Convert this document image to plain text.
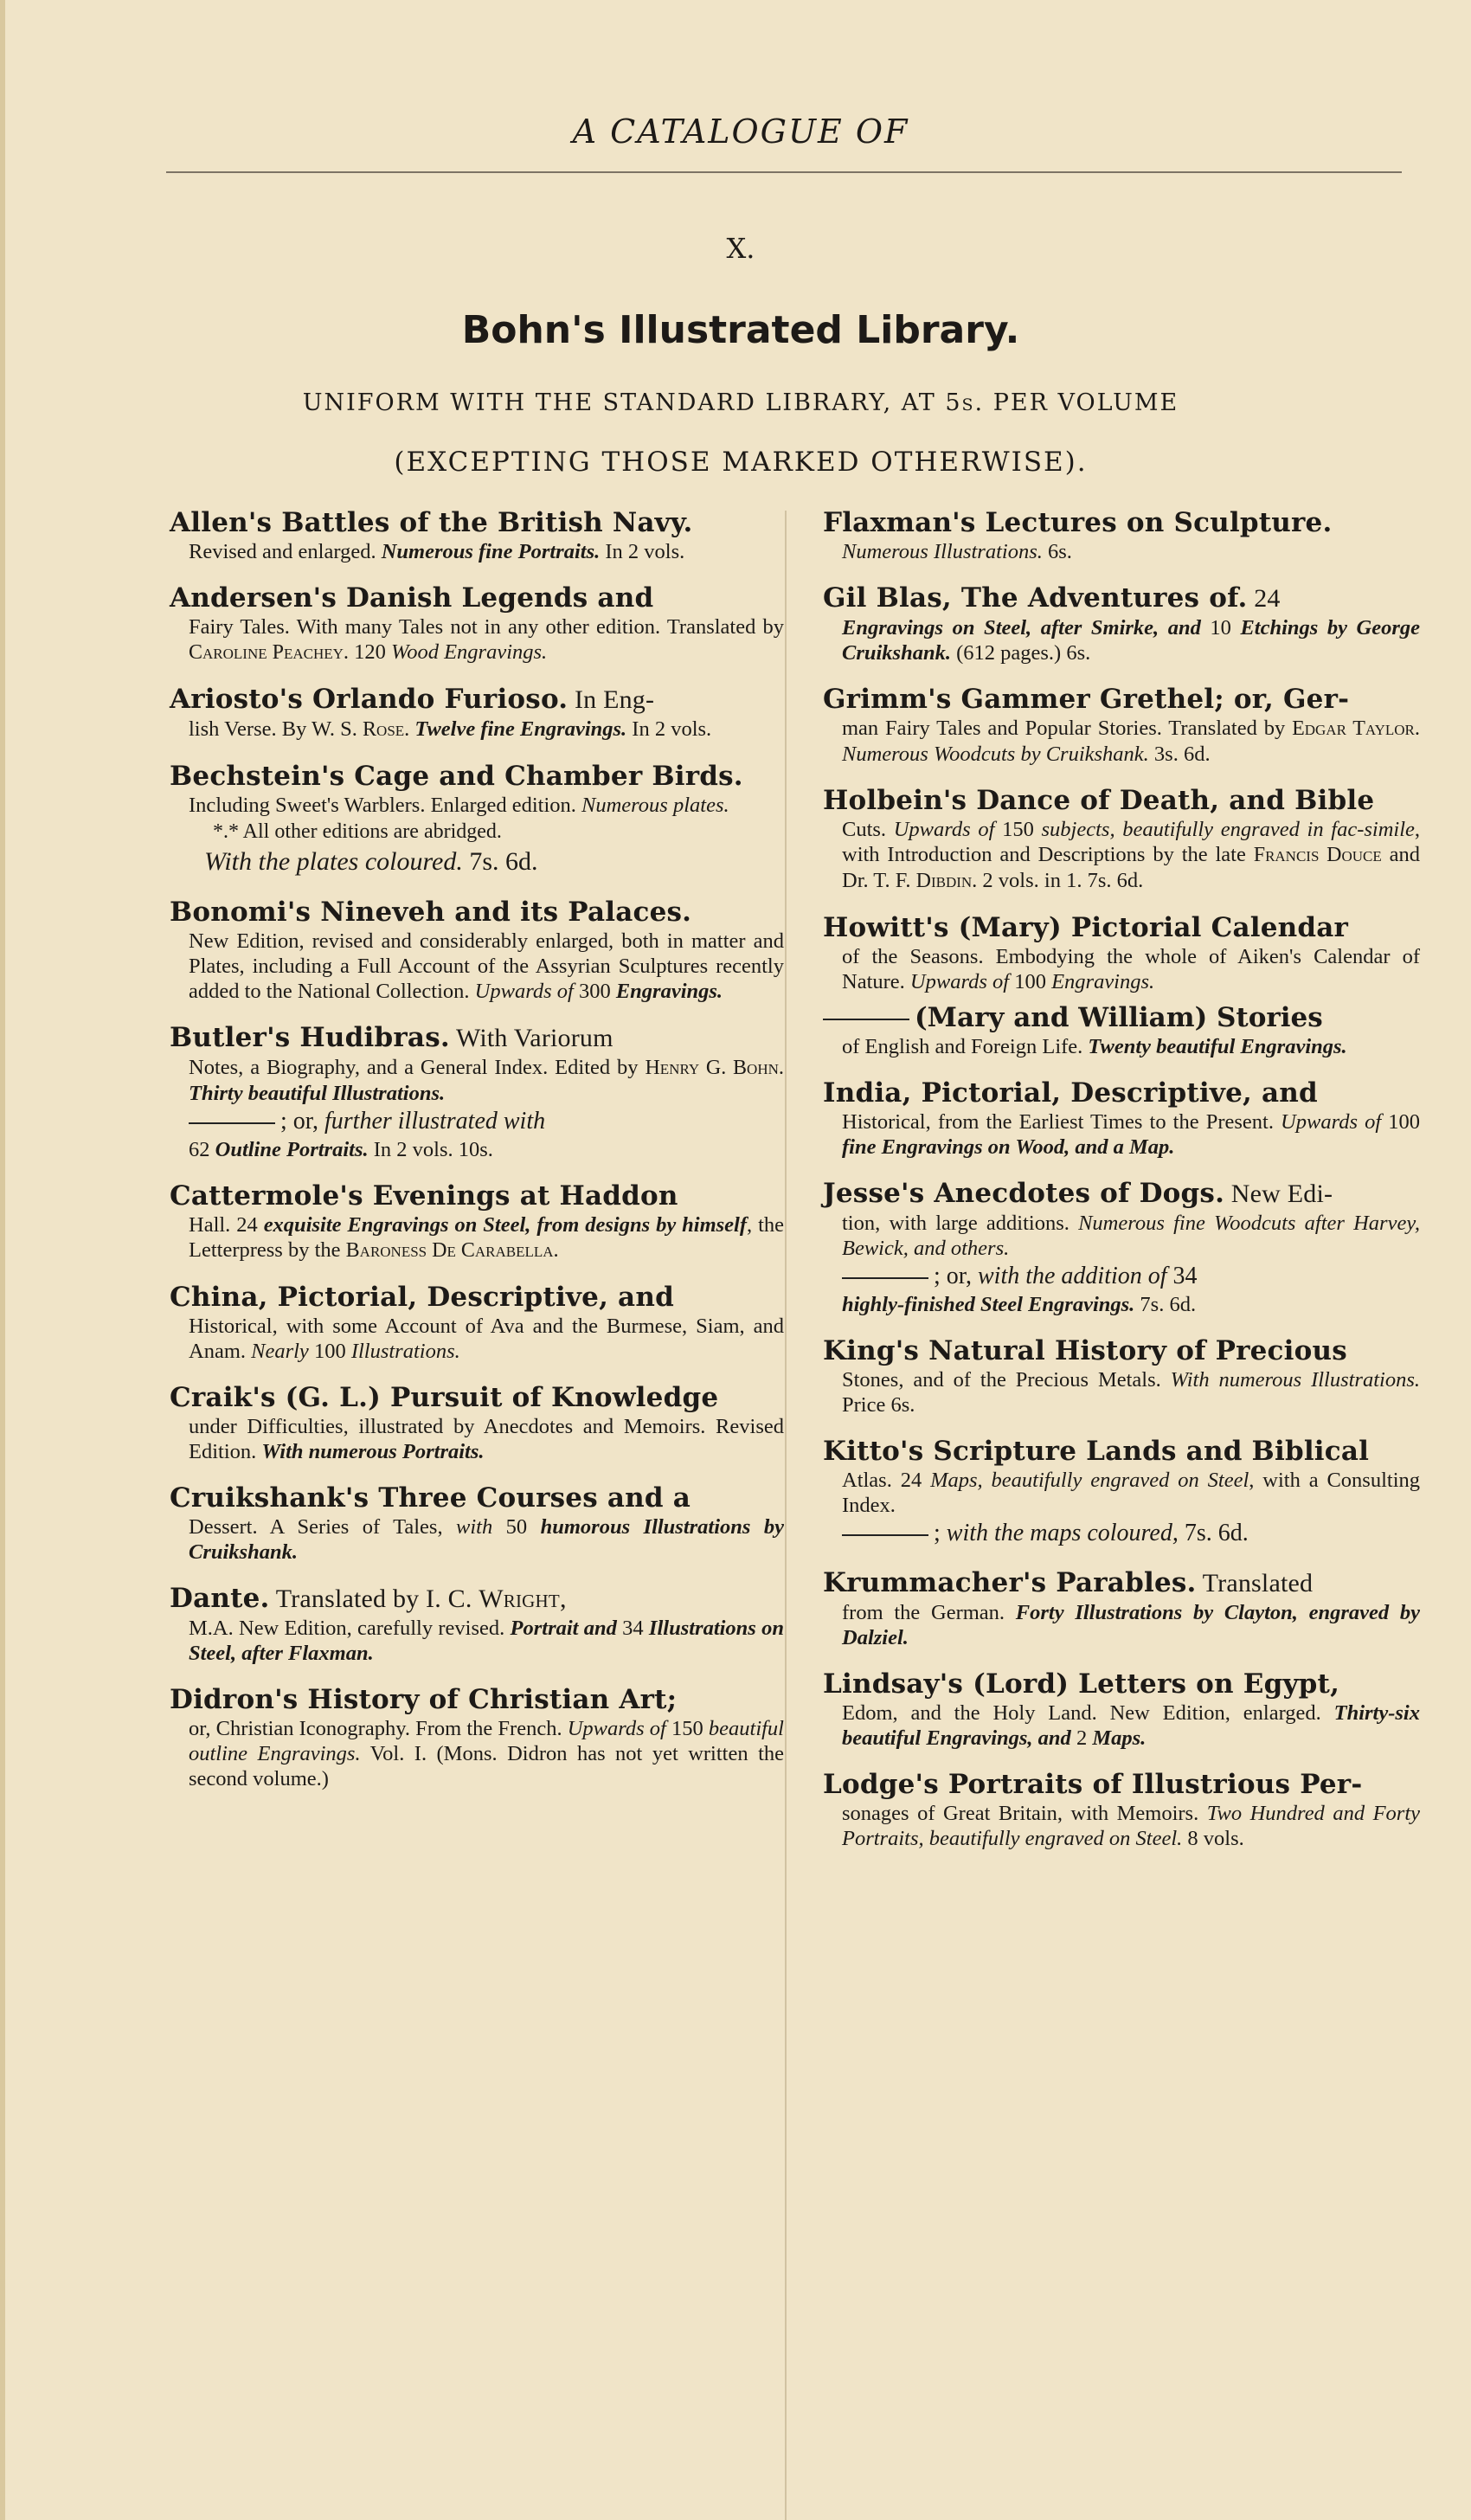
A CATALOGUE OF
X.
Bohn's Illustrated Library.
UNIFORM WITH THE STANDARD LIBRARY, AT 5s. PER VOLUME
(EXCEPTING THOSE MARKED OTHERWISE).
Allen's Battles of the British Navy.
Revised and enlarged. Numerous fine Portraits. In 2 vols.
Andersen's Danish Legends and
Fairy Tales. With many Tales not in any other edition. Translated by Caroline Peachey. 120 Wood Engravings.
Ariosto's Orlando Furioso. In Eng-
lish Verse. By W. S. Rose. Twelve fine Engravings. In 2 vols.
Bechstein's Cage and Chamber Birds.
Including Sweet's Warblers. Enlarged edition. Numerous plates.
*.* All other editions are abridged.
With the plates coloured. 7s. 6d.
Bonomi's Nineveh and its Palaces.
New Edition, revised and considerably enlarged, both in matter and Plates, including a Full Account of the Assyrian Sculptures recently added to the National Collection. Upwards of 300 Engravings.
Butler's Hudibras. With Variorum
Notes, a Biography, and a General Index. Edited by Henry G. Bohn. Thirty beautiful Illustrations.
; or, further illustrated with
62 Outline Portraits. In 2 vols. 10s.
Cattermole's Evenings at Haddon
Hall. 24 exquisite Engravings on Steel, from designs by himself, the Letterpress by the Baroness De Carabella.
China, Pictorial, Descriptive, and
Historical, with some Account of Ava and the Burmese, Siam, and Anam. Nearly 100 Illustrations.
Craik's (G. L.) Pursuit of Knowledge
under Difficulties, illustrated by Anecdotes and Memoirs. Revised Edition. With numerous Portraits.
Cruikshank's Three Courses and a
Dessert. A Series of Tales, with 50 humorous Illustrations by Cruikshank.
Dante. Translated by I. C. Wright,
M.A. New Edition, carefully revised. Portrait and 34 Illustrations on Steel, after Flaxman.
Didron's History of Christian Art;
or, Christian Iconography. From the French. Upwards of 150 beautiful outline Engravings. Vol. I. (Mons. Didron has not yet written the second volume.)
Flaxman's Lectures on Sculpture.
Numerous Illustrations. 6s.
Gil Blas, The Adventures of. 24
Engravings on Steel, after Smirke, and 10 Etchings by George Cruikshank. (612 pages.) 6s.
Grimm's Gammer Grethel; or, Ger-
man Fairy Tales and Popular Stories. Translated by Edgar Taylor. Numerous Woodcuts by Cruikshank. 3s. 6d.
Holbein's Dance of Death, and Bible
Cuts. Upwards of 150 subjects, beautifully engraved in fac-simile, with Introduction and Descriptions by the late Francis Douce and Dr. T. F. Dibdin. 2 vols. in 1. 7s. 6d.
Howitt's (Mary) Pictorial Calendar
of the Seasons. Embodying the whole of Aiken's Calendar of Nature. Upwards of 100 Engravings.
(Mary and William) Stories
of English and Foreign Life. Twenty beautiful Engravings.
India, Pictorial, Descriptive, and
Historical, from the Earliest Times to the Present. Upwards of 100 fine Engravings on Wood, and a Map.
Jesse's Anecdotes of Dogs. New Edi-
tion, with large additions. Numerous fine Woodcuts after Harvey, Bewick, and others.
; or, with the addition of 34
highly-finished Steel Engravings. 7s. 6d.
King's Natural History of Precious
Stones, and of the Precious Metals. With numerous Illustrations. Price 6s.
Kitto's Scripture Lands and Biblical
Atlas. 24 Maps, beautifully engraved on Steel, with a Consulting Index.
; with the maps coloured, 7s. 6d.
Krummacher's Parables. Translated
from the German. Forty Illustrations by Clayton, engraved by Dalziel.
Lindsay's (Lord) Letters on Egypt,
Edom, and the Holy Land. New Edition, enlarged. Thirty-six beautiful Engravings, and 2 Maps.
Lodge's Portraits of Illustrious Per-
sonages of Great Britain, with Memoirs. Two Hundred and Forty Portraits, beautifully engraved on Steel. 8 vols.
